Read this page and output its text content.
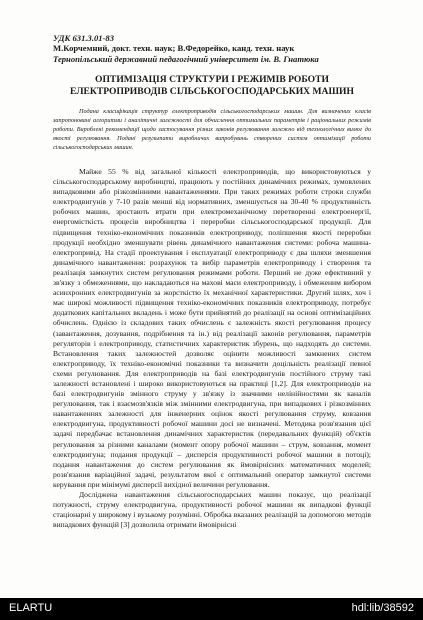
УДК 631.3.01-83
М.Корчемний, докт. техн. наук; В.Федорейко, канд. техн. наук
Тернопільський державний педагогічний університет ім. В. Гнатюка
ОПТИМІЗАЦІЯ СТРУКТУРИ І РЕЖИМІВ РОБОТИ
ЕЛЕКТРОПРИВОДІВ СІЛЬСЬКОГОСПОДАРСЬКИХ МАШИН
Подана класифікація структур електроприводів сільськогосподарських машин. Для визначених класів запропоновані алгоритми і аналітичні залежності для обчислення оптимальних параметрів і раціональних режимів роботи. Вироблені рекомендації щодо застосування різних законів регулювання залежно від технологічних вимог до якості регулювання. Подані результати виробничих випробувань створених систем оптимізації роботи сільськогосподарських машин.

Майже 55 % від загальної кількості електроприводів, що використовуються у сільськогосподарському виробництві, працюють у постійних динамічних режимах, зумовлених випадковими або різкозмінними навантаженнями. При таких режимах роботи строки служби електродвигунів у 7-10 разів менші від нормативних, зменшується на 30-40 % продуктивність робочих машин, зростають втрати при електромеханічному перетворенні електроенергії, енергомісткість процесів виробництва і переробки сільськогосподарської продукції. Для підвищення техніко-економічних показників електроприводу, поліпшення якості переробки продукції необхідно зменшувати рівень динамічного навантаження системи: робоча машина-електропривід. На стадії проектування і експлуатації електроприводу є два шляхи зменшення динамічного навантаження: розрахунок та вибір параметрів електроприводу і створення та реалізація замкнутих систем регулювання режимами роботи. Перший не дуже ефективний у зв'язку з обмеженнями, що накладаються на махові маси електроприводу, і обмеженим вибором асинхронних електродвигунів за жорсткістю їх механічної характеристики. Другий шлях, хоч і має широкі можливості підвищення техніко-економічних показників електроприводу, потребує додаткових капітальних вкладень і може бути прийнятий до реалізації на основі оптимізаційних обчислень. Однією із складових таких обчислень є залежність якості регулювання процесу (завантаження, дозування, подрібнення та ін.) від реалізації законів регулювання, параметрів регуляторів і електроприводу, статистичних характеристик збурень, що надходять до системи. Встановлення таких залежностей дозволяє оцінити можливості замкнених систем електроприводу, їх техніко-економічні показники та визначити доцільність реалізації певної схеми регулювання. Для електроприводів на базі електродвигунів постійного струму такі залежності встановлені і широко використовуються на практиці [1,2]. Для електроприводів на базі електродвигунів змінного струму у зв'язку із значними нелінійностями як каналів регулювання, так і взаємозв'язків між змінними електродвигуна, при випадкових і різкозмінних навантаженнях залежності для інженерних оцінок якості регулювання струму, ковзання електродвигуна, продуктивності робочої машини досі не визначені. Методика розв'язання цієї задачі передбачає встановлення динамічних характеристик (передавальних функцій) об'єктів регулювання за різними каналами (момент опору робочої машини – струм, ковзання, момент електродвигуна; подання продукції – дисперсія продуктивності робочої машини в потоці); подання навантаження до систем регулювання як ймовірнісних математичних моделей; розв'язання варіаційної задачі, результатом якої є оптимальний оператор замкнутої системи керування при мінімумі дисперсії вихідної величини регулювання.

Досліджена навантаження сільськогосподарських машин показує, що реалізації потужності, струму електродвигуна, продуктивності робочої машини як випадкові функції стаціонарні у широкому і вузькому розумінні. Обробка вказаних реалізацій за допомогою методів випадкових функцій [3] дозволила отримати ймовірнісні

ELARTU	hdl:lib/38592
